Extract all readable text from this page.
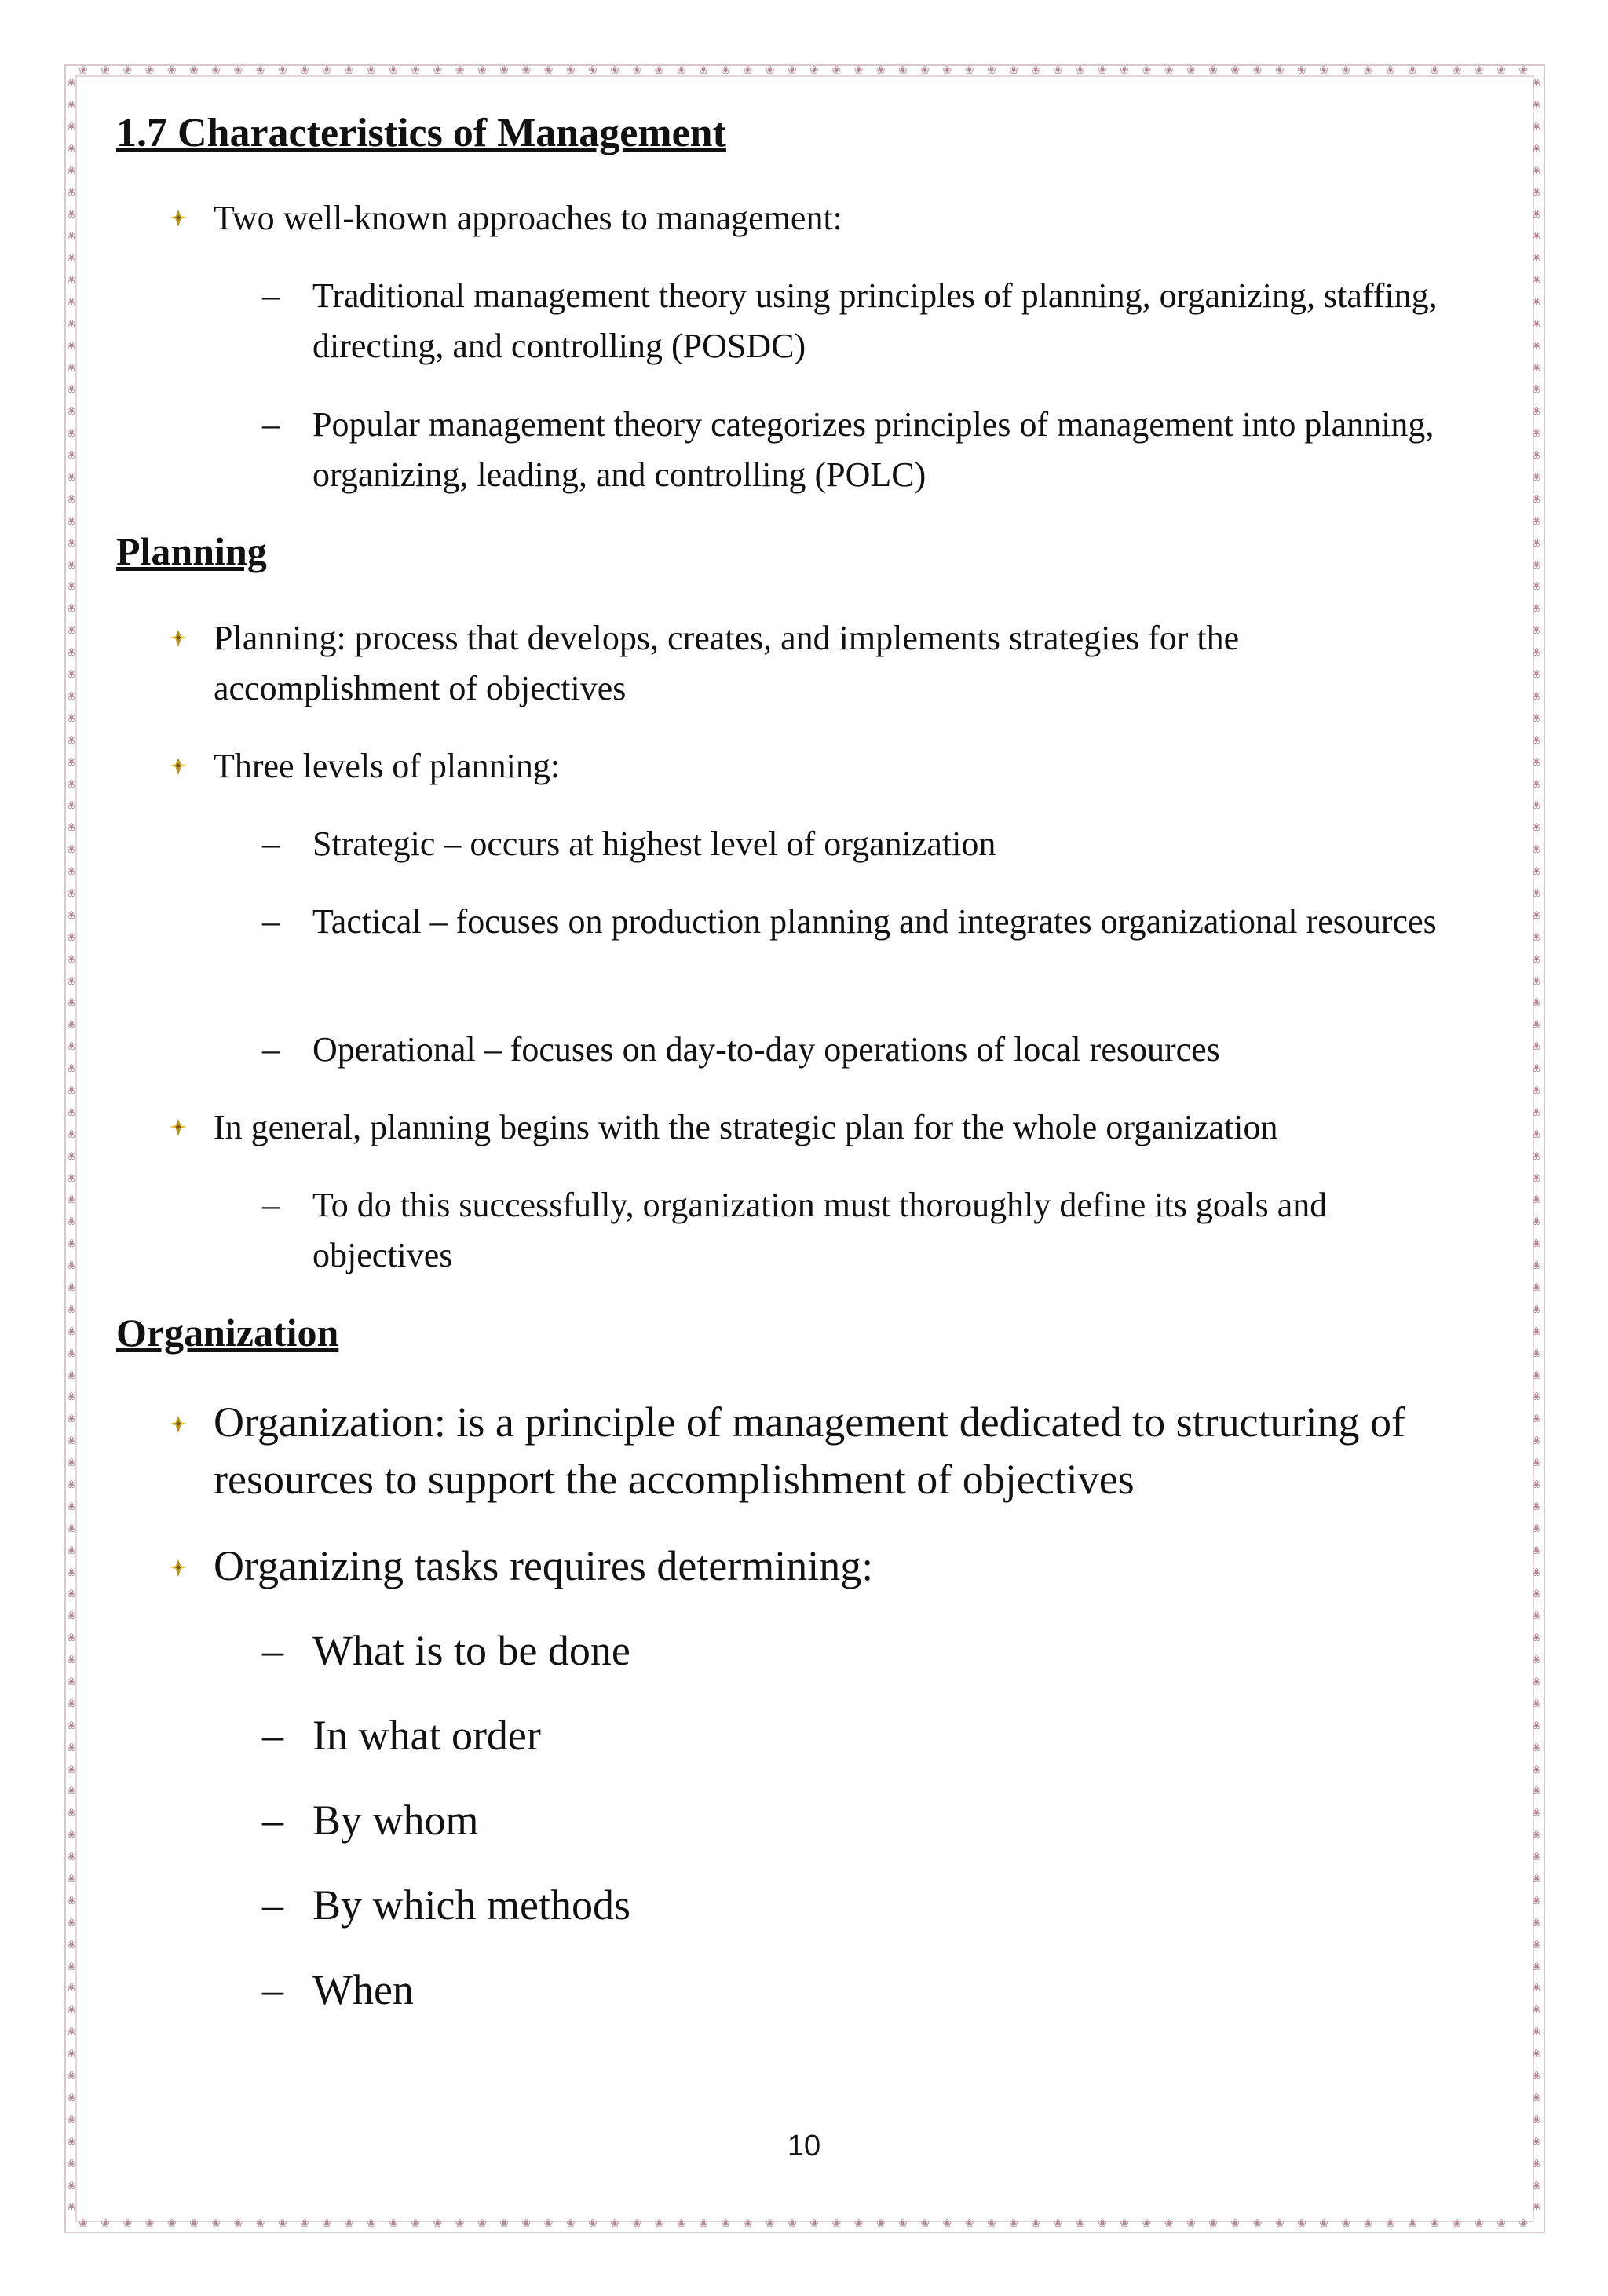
❀ ❀ ❀ ❀ ❀ ❀ ❀ ❀ ❀ ❀ ❀ ❀ ❀ ❀ ❀ ❀ ❀ ❀ ❀ ❀ ❀ ❀ ❀ ❀ ❀ ❀ ❀ ❀ ❀ ❀ ❀ ❀ ❀ ❀ ❀ ❀ ❀ ❀ ❀ ❀ ❀ ❀ ❀ ❀ ❀ ❀ ❀ ❀ ❀ ❀ ❀ ❀ ❀ ❀ ❀ ❀ ❀ ❀ ❀ ❀ ❀ ❀ ❀ ❀ ❀ ❀
❀ ❀ ❀ ❀ ❀ ❀ ❀ ❀ ❀ ❀ ❀ ❀ ❀ ❀ ❀ ❀ ❀ ❀ ❀ ❀ ❀ ❀ ❀ ❀ ❀ ❀ ❀ ❀ ❀ ❀ ❀ ❀ ❀ ❀ ❀ ❀ ❀ ❀ ❀ ❀ ❀ ❀ ❀ ❀ ❀ ❀ ❀ ❀ ❀ ❀ ❀ ❀ ❀ ❀ ❀ ❀ ❀ ❀ ❀ ❀ ❀ ❀ ❀ ❀ ❀ ❀
❀
❀
❀
❀
❀
❀
❀
❀
❀
❀
❀
❀
❀
❀
❀
❀
❀
❀
❀
❀
❀
❀
❀
❀
❀
❀
❀
❀
❀
❀
❀
❀
❀
❀
❀
❀
❀
❀
❀
❀
❀
❀
❀
❀
❀
❀
❀
❀
❀
❀
❀
❀
❀
❀
❀
❀
❀
❀
❀
❀
❀
❀
❀
❀
❀
❀
❀
❀
❀
❀
❀
❀
❀
❀
❀
❀
❀
❀
❀
❀
❀
❀
❀
❀
❀
❀
❀
❀
❀
❀
❀
❀
❀
❀
❀
❀
❀
❀
❀
❀
❀
❀
❀
❀
❀
❀
❀
❀
❀
❀
❀
❀
❀
❀
❀
❀
❀
❀
❀
❀
❀
❀
❀
❀
❀
❀
❀
❀
❀
❀
❀
❀
❀
❀
❀
❀
❀
❀
❀
❀
❀
❀
❀
❀
❀
❀
❀
❀
❀
❀
❀
❀
❀
❀
❀
❀
❀
❀
❀
❀
❀
❀
❀
❀
❀
❀
❀
❀
❀
❀
❀
❀
❀
❀
❀
❀
❀
❀
❀
❀
❀
❀
❀
❀
❀
❀
❀
❀
❀
❀
❀
❀
❀
❀
❀
❀
1.7 Characteristics of Management
Two well-known approaches to management:
– Traditional management theory using principles of planning, organizing, staffing, directing, and controlling (POSDC)
– Popular management theory categorizes principles of management into planning, organizing, leading, and controlling (POLC)
Planning
Planning: process that develops, creates, and implements strategies for the accomplishment of objectives
Three levels of planning:
– Strategic – occurs at highest level of organization
– Tactical – focuses on production planning and integrates organizational resources
– Operational – focuses on day-to-day operations of local resources
In general, planning begins with the strategic plan for the whole organization
– To do this successfully, organization must thoroughly define its goals and objectives
Organization
Organization: is a principle of management dedicated to structuring of resources to support the accomplishment of objectives
Organizing tasks requires determining:
– What is to be done
– In what order
– By whom
– By which methods
– When
10
